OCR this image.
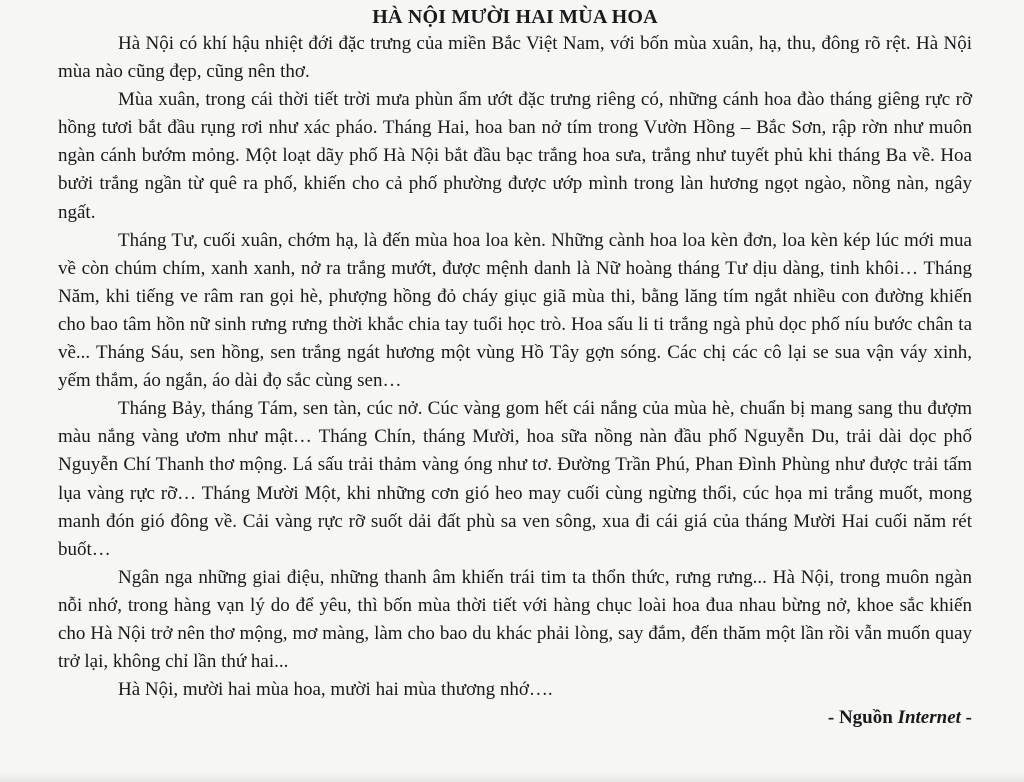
HÀ NỘI MƯỜI HAI MÙA HOA

Hà Nội có khí hậu nhiệt đới đặc trưng của miền Bắc Việt Nam, với bốn mùa xuân, hạ, thu, đông rõ rệt. Hà Nội mùa nào cũng đẹp, cũng nên thơ.

Mùa xuân, trong cái thời tiết trời mưa phùn ẩm ướt đặc trưng riêng có, những cánh hoa đào tháng giêng rực rỡ hồng tươi bắt đầu rụng rơi như xác pháo. Tháng Hai, hoa ban nở tím trong Vườn Hồng – Bắc Sơn, rập rờn như muôn ngàn cánh bướm mỏng. Một loạt dãy phố Hà Nội bắt đầu bạc trắng hoa sưa, trắng như tuyết phủ khi tháng Ba về. Hoa bưởi trắng ngần từ quê ra phố, khiến cho cả phố phường được ướp mình trong làn hương ngọt ngào, nồng nàn, ngây ngất.

Tháng Tư, cuối xuân, chớm hạ, là đến mùa hoa loa kèn. Những cành hoa loa kèn đơn, loa kèn kép lúc mới mua về còn chúm chím, xanh xanh, nở ra trắng mướt, được mệnh danh là Nữ hoàng tháng Tư dịu dàng, tinh khôi… Tháng Năm, khi tiếng ve râm ran gọi hè, phượng hồng đỏ cháy giục giã mùa thi, bằng lăng tím ngắt nhiều con đường khiến cho bao tâm hồn nữ sinh rưng rưng thời khắc chia tay tuổi học trò. Hoa sấu li ti trắng ngà phủ dọc phố níu bước chân ta về... Tháng Sáu, sen hồng, sen trắng ngát hương một vùng Hồ Tây gợn sóng. Các chị các cô lại se sua vận váy xinh, yếm thắm, áo ngắn, áo dài đọ sắc cùng sen…

Tháng Bảy, tháng Tám, sen tàn, cúc nở. Cúc vàng gom hết cái nắng của mùa hè, chuẩn bị mang sang thu đượm màu nắng vàng ươm như mật… Tháng Chín, tháng Mười, hoa sữa nồng nàn đầu phố Nguyễn Du, trải dài dọc phố Nguyễn Chí Thanh thơ mộng. Lá sấu trải thảm vàng óng như tơ. Đường Trần Phú, Phan Đình Phùng như được trải tấm lụa vàng rực rỡ… Tháng Mười Một, khi những cơn gió heo may cuối cùng ngừng thổi, cúc họa mi trắng muốt, mong manh đón gió đông về. Cải vàng rực rỡ suốt dải đất phù sa ven sông, xua đi cái giá của tháng Mười Hai cuối năm rét buốt…

Ngân nga những giai điệu, những thanh âm khiến trái tim ta thổn thức, rưng rưng... Hà Nội, trong muôn ngàn nỗi nhớ, trong hàng vạn lý do để yêu, thì bốn mùa thời tiết với hàng chục loài hoa đua nhau bừng nở, khoe sắc khiến cho Hà Nội trở nên thơ mộng, mơ màng, làm cho bao du khác phải lòng, say đắm, đến thăm một lần rồi vẫn muốn quay trở lại, không chỉ lần thứ hai...

Hà Nội, mười hai mùa hoa, mười hai mùa thương nhớ….

- Nguồn Internet -
